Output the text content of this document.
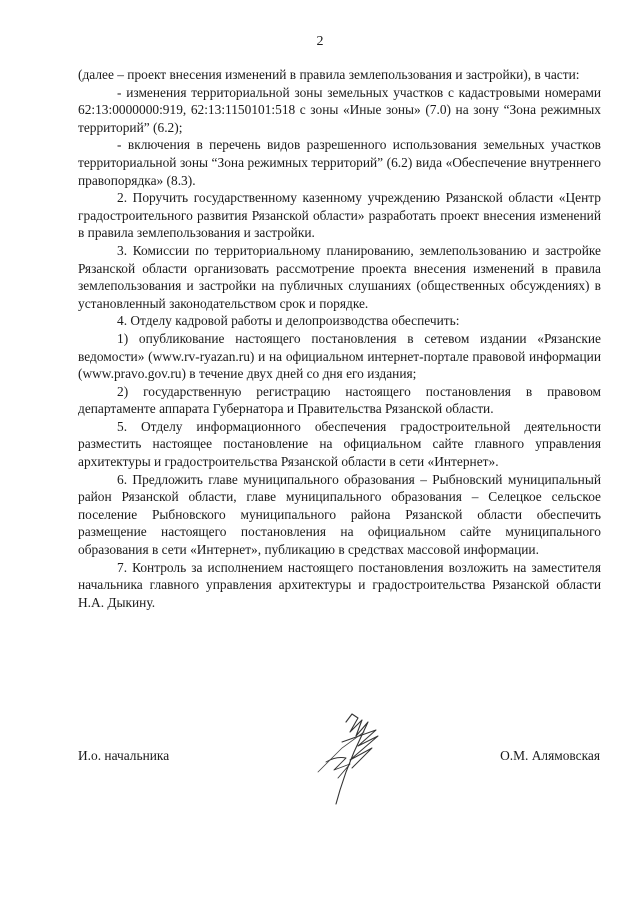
2

(далее – проект внесения изменений в правила землепользования и застройки), в части:

- изменения территориальной зоны земельных участков с кадастровыми номерами 62:13:0000000:919, 62:13:1150101:518 с зоны «Иные зоны» (7.0) на зону “Зона режимных территорий” (6.2);

- включения в перечень видов разрешенного использования земельных участков территориальной зоны “Зона режимных территорий” (6.2) вида «Обеспечение внутреннего правопорядка» (8.3).

2. Поручить государственному казенному учреждению Рязанской области «Центр градостроительного развития Рязанской области» разработать проект внесения изменений в правила землепользования и застройки.

3. Комиссии по территориальному планированию, землепользованию и застройке Рязанской области организовать рассмотрение проекта внесения изменений в правила землепользования и застройки на публичных слушаниях (общественных обсуждениях) в установленный законодательством срок и порядке.

4. Отделу кадровой работы и делопроизводства обеспечить:

1) опубликование настоящего постановления в сетевом издании «Рязанские ведомости» (www.rv-ryazan.ru) и на официальном интернет-портале правовой информации (www.pravo.gov.ru) в течение двух дней со дня его издания;

2) государственную регистрацию настоящего постановления в правовом департаменте аппарата Губернатора и Правительства Рязанской области.

5. Отделу информационного обеспечения градостроительной деятельности разместить настоящее постановление на официальном сайте главного управления архитектуры и градостроительства Рязанской области в сети «Интернет».

6. Предложить главе муниципального образования – Рыбновский муниципальный район Рязанской области, главе муниципального образования – Селецкое сельское поселение Рыбновского муниципального района Рязанской области обеспечить размещение настоящего постановления на официальном сайте муниципального образования в сети «Интернет», публикацию в средствах массовой информации.

7. Контроль за исполнением настоящего постановления возложить на заместителя начальника главного управления архитектуры и градостроительства Рязанской области Н.А. Дыкину.

И.о. начальника	О.М. Алямовская
